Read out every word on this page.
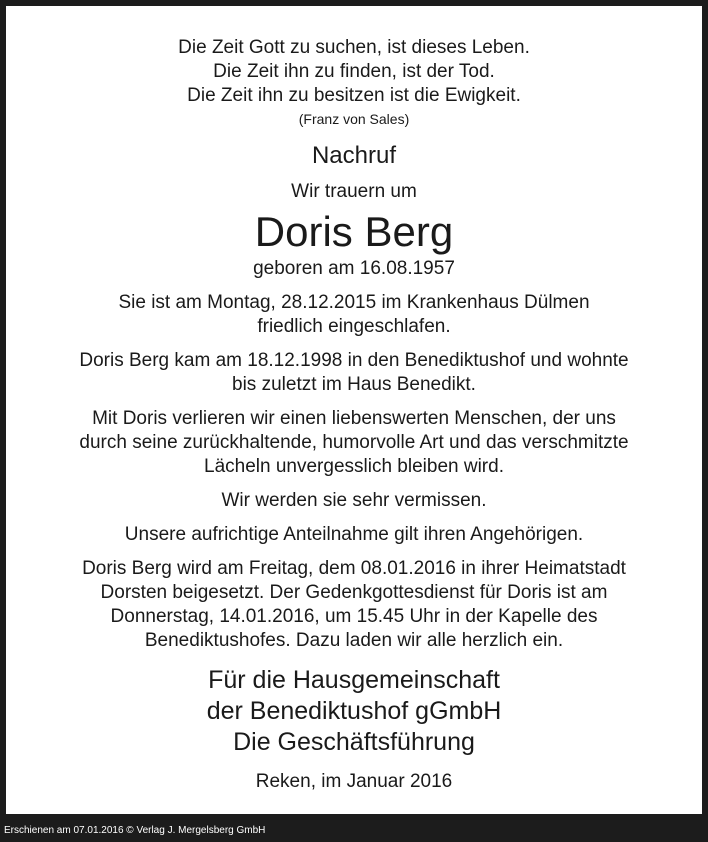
Die Zeit Gott zu suchen, ist dieses Leben.
Die Zeit ihn zu finden, ist der Tod.
Die Zeit ihn zu besitzen ist die Ewigkeit.
(Franz von Sales)
Nachruf
Wir trauern um
Doris Berg
geboren am 16.08.1957
Sie ist am Montag, 28.12.2015 im Krankenhaus Dülmen
friedlich eingeschlafen.
Doris Berg kam am 18.12.1998 in den Benediktushof und wohnte
bis zuletzt im Haus Benedikt.
Mit Doris verlieren wir einen liebenswerten Menschen, der uns
durch seine zurückhaltende, humorvolle Art und das verschmitzte
Lächeln unvergesslich bleiben wird.
Wir werden sie sehr vermissen.
Unsere aufrichtige Anteilnahme gilt ihren Angehörigen.
Doris Berg wird am Freitag, dem 08.01.2016 in ihrer Heimatstadt
Dorsten beigesetzt. Der Gedenkgottesdienst für Doris ist am
Donnerstag, 14.01.2016, um 15.45 Uhr in der Kapelle des
Benediktushofes. Dazu laden wir alle herzlich ein.
Für die Hausgemeinschaft
der Benediktushof gGmbH
Die Geschäftsführung
Reken, im Januar 2016
Erschienen am 07.01.2016 © Verlag J. Mergelsberg GmbH
